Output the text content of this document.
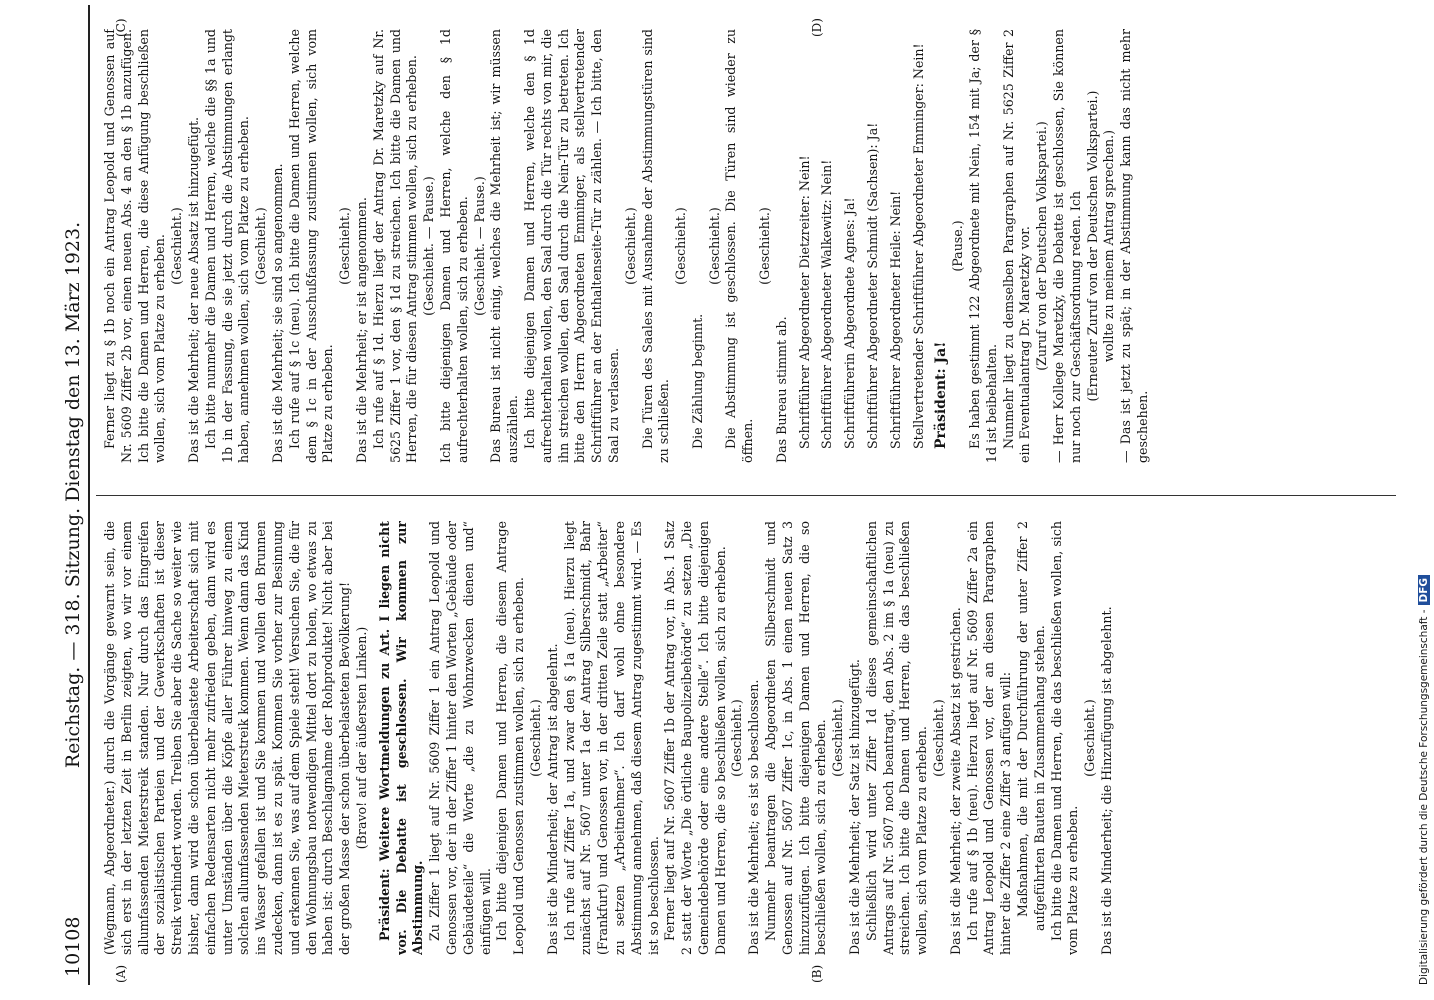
10108
Reichstag. — 318. Sitzung. Dienstag den 13. März 1923.
(A)	(B)
(C)	(D)

(Wegmann, Abgeordneter.) durch die Vorgänge gewarnt sein, die sich erst in der letzten Zeit in Berlin zeigten, wo wir vor einem allumfassenden Mieterstreik standen. Nur durch das Eingreifen der sozialistischen Parteien und der Gewerkschaften ist dieser Streik verhindert worden. Treiben Sie aber die Sache so weiter wie bisher, dann wird die schon überbelastete Arbeiterschaft sich mit einfachen Redensarten nicht mehr zufrieden geben, dann wird es unter Umständen über die Köpfe aller Führer hinweg zu einem solchen allumfassenden Mieterstreik kommen. Wenn dann das Kind ins Wasser gefallen ist und Sie kommen und wollen den Brunnen zudecken, dann ist es zu spät. Kommen Sie vorher zur Besinnung und erkennen Sie, was auf dem Spiele steht! Versuchen Sie, die für den Wohnungsbau notwendigen Mittel dort zu holen, wo etwas zu haben ist: durch Beschlagnahme der Rohprodukte! Nicht aber bei der großen Masse der schon überbelasteten Bevölkerung! (Bravo! auf der äußersten Linken.) Präsident: Weitere Wortmeldungen zu Art. I liegen nicht vor. Die Debatte ist geschlossen. Wir kommen zur Abstimmung. Zu Ziffer 1 liegt auf Nr. 5609 Ziffer 1 ein Antrag Leopold und Genossen vor, der in der Ziffer 1 hinter den Worten „Gebäude oder Gebäudeteile“ die Worte „die zu Wohnzwecken dienen und“ einfügen will. Ich bitte diejenigen Damen und Herren, die diesem Antrage Leopold und Genossen zustimmen wollen, sich zu erheben. (Geschieht.) Das ist die Minderheit; der Antrag ist abgelehnt. Ich rufe auf Ziffer 1a, und zwar den § 1a (neu). Hierzu liegt zunächst auf Nr. 5607 unter 1a der Antrag Silberschmidt, Bahr (Frankfurt) und Genossen vor, in der dritten Zeile statt „Arbeiter“ zu setzen „Arbeitnehmer“. Ich darf wohl ohne besondere Abstimmung annehmen, daß diesem Antrag zugestimmt wird. — Es ist so beschlossen. Ferner liegt auf Nr. 5607 Ziffer 1b der Antrag vor, in Abs. 1 Satz 2 statt der Worte „Die örtliche Baupolizeibehörde“ zu setzen „Die Gemeindebehörde oder eine andere Stelle“. Ich bitte diejenigen Damen und Herren, die so beschließen wollen, sich zu erheben. (Geschieht.) Das ist die Mehrheit; es ist so beschlossen. Nunmehr beantragen die Abgeordneten Silberschmidt und Genossen auf Nr. 5607 Ziffer 1c, in Abs. 1 einen neuen Satz 3 hinzuzufügen. Ich bitte diejenigen Damen und Herren, die so beschließen wollen, sich zu erheben. (Geschieht.) Das ist die Mehrheit; der Satz ist hinzugefügt. Schließlich wird unter Ziffer 1d dieses gemeinschaftlichen Antrags auf Nr. 5607 noch beantragt, den Abs. 2 im § 1a (neu) zu streichen. Ich bitte die Damen und Herren, die das beschließen wollen, sich vom Platze zu erheben. (Geschieht.) Das ist die Mehrheit; der zweite Absatz ist gestrichen. Ich rufe auf § 1b (neu). Hierzu liegt auf Nr. 5609 Ziffer 2a ein Antrag Leopold und Genossen vor, der an diesen Paragraphen hinter die Ziffer 2 eine Ziffer 3 anfügen will: Maßnahmen, die mit der Durchführung der unter Ziffer 2 aufgeführten Bauten in Zusammenhang stehen. Ich bitte die Damen und Herren, die das beschließen wollen, sich vom Platze zu erheben.

(Geschieht.) Das ist die Minderheit; die Hinzufügung ist abgelehnt.

Ferner liegt zu § 1b noch ein Antrag Leopold und Genossen auf Nr. 5609 Ziffer 2b vor, einen neuen Abs. 4 an den § 1b anzufügen. Ich bitte die Damen und Herren, die diese Anfügung beschließen wollen, sich vom Platze zu erheben. (Geschieht.) Das ist die Mehrheit; der neue Absatz ist hinzugefügt. Ich bitte nunmehr die Damen und Herren, welche die §§ 1a und 1b in der Fassung, die sie jetzt durch die Abstimmungen erlangt haben, annehmen wollen, sich vom Platze zu erheben. (Geschieht.) Das ist die Mehrheit; sie sind so angenommen. Ich rufe auf § 1c (neu). Ich bitte die Damen und Herren, welche dem § 1c in der Ausschußfassung zustimmen wollen, sich vom Platze zu erheben.

(Geschieht.) Das ist die Mehrheit; er ist angenommen. Ich rufe auf § 1d. Hierzu liegt der Antrag Dr. Maretzky auf Nr. 5625 Ziffer 1 vor, den § 1d zu streichen. Ich bitte die Damen und Herren, die für diesen Antrag stimmen wollen, sich zu erheben. (Geschieht. — Pause.) Ich bitte diejenigen Damen und Herren, welche den § 1d aufrechterhalten wollen, sich zu erheben. (Geschieht. — Pause.) Das Bureau ist nicht einig, welches die Mehrheit ist; wir müssen auszählen. Ich bitte diejenigen Damen und Herren, welche den § 1d aufrechterhalten wollen, den Saal durch die Tür rechts von mir, die ihn streichen wollen, den Saal durch die Nein-Tür zu betreten. Ich bitte den Herrn Abgeordneten Emminger, als stellvertretender Schriftführer an der Enthaltenseite-Tür zu zählen. — Ich bitte, den Saal zu verlassen.

(Geschieht.) Die Türen des Saales mit Ausnahme der Abstimmungstüren sind zu schließen.

(Geschieht.)

Die Zählung beginnt.

(Geschieht.) Die Abstimmung ist geschlossen. Die Türen sind wieder zu öffnen.

(Geschieht.)

Das Bureau stimmt ab. Schriftführer Abgeordneter Dietzreiter: Nein! Schriftführer Abgeordneter Walkewitz: Nein! Schriftführerin Abgeordnete Agnes: Ja! Schriftführer Abgeordneter Schmidt (Sachsen): Ja! Schriftführer Abgeordneter Heile: Nein! Stellvertretender Schriftführer Abgeordneter Emminger: Nein! Präsident: Ja!

(Pause.) Es haben gestimmt 122 Abgeordnete mit Nein, 154 mit Ja; der § 1d ist beibehalten. Nunmehr liegt zu demselben Paragraphen auf Nr. 5625 Ziffer 2 ein Eventualantrag Dr. Maretzky vor. (Zuruf von der Deutschen Volkspartei.) — Herr Kollege Maretzky, die Debatte ist geschlossen, Sie können nur noch zur Geschäftsordnung reden. Ich (Erneuter Zuruf von der Deutschen Volkspartei.) wollte zu meinem Antrag sprechen.) — Das ist jetzt zu spät; in der Abstimmung kann das nicht mehr geschehen.

Digitalisierung gefördert durch die Deutsche Forschungsgemeinschaft -DFG
